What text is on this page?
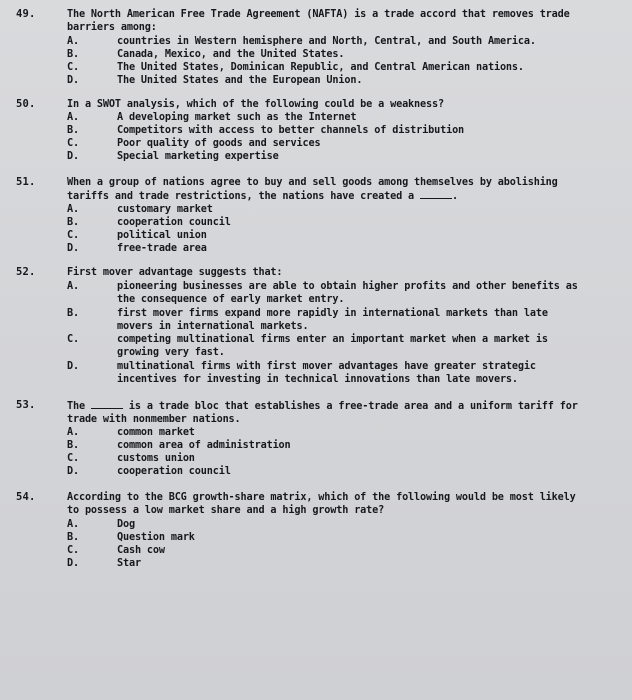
49.	The North American Free Trade Agreement (NAFTA) is a trade accord that removes trade
barriers among:
A.	countries in Western hemisphere and North, Central, and South America.
B.	Canada, Mexico, and the United States.
C.	The United States, Dominican Republic, and Central American nations.
D.	The United States and the European Union.
50.	In a SWOT analysis, which of the following could be a weakness?
A.	A developing market such as the Internet
B.	Competitors with access to better channels of distribution
C.	Poor quality of goods and services
D.	Special marketing expertise
51.	When a group of nations agree to buy and sell goods among themselves by abolishing
tariffs and trade restrictions, the nations have created a	.
A.	customary market
B.	cooperation council
C.	political union
D.	free-trade area
52.	First mover advantage suggests that:
A.	pioneering businesses are able to obtain higher profits and other benefits as
the consequence of early market entry.
B.	first mover firms expand more rapidly in international markets than late
movers in international markets.
C.	competing multinational firms enter an important market when a market is
growing very fast.
D.	multinational firms with first mover advantages have greater strategic
incentives for investing in technical innovations than late movers.
53.	The	is a trade bloc that establishes a free-trade area and a uniform tariff for
trade with nonmember nations.
A.	common market
B.	common area of administration
C.	customs union
D.	cooperation council
54.	According to the BCG growth-share matrix, which of the following would be most likely
to possess a low market share and a high growth rate?
A.	Dog
B.	Question mark
C.	Cash cow
D.	Star
